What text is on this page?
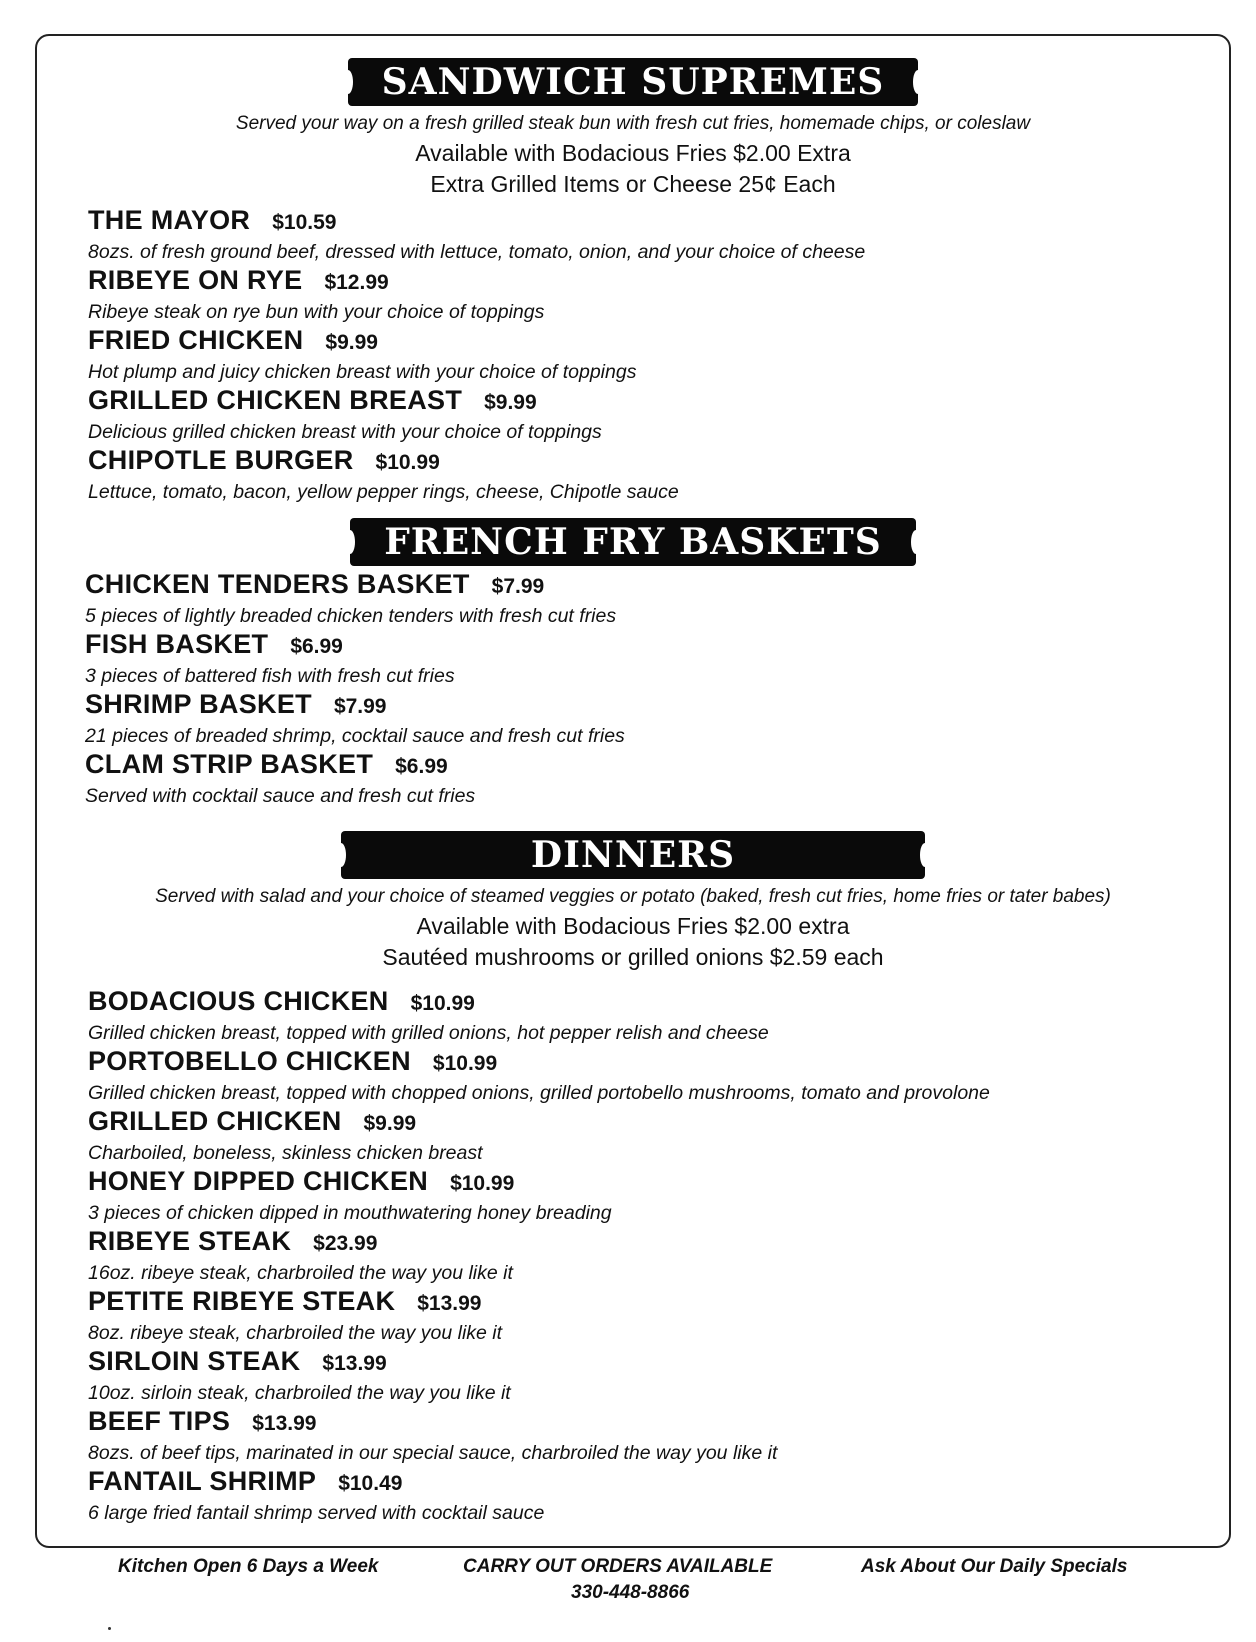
SANDWICH SUPREMES
Served your way on a fresh grilled steak bun with fresh cut fries, homemade chips, or coleslaw
Available with Bodacious Fries $2.00 Extra
Extra Grilled Items or Cheese 25¢ Each
THE MAYOR $10.59
8ozs. of fresh ground beef, dressed with lettuce, tomato, onion, and your choice of cheese
RIBEYE ON RYE $12.99
Ribeye steak on rye bun with your choice of toppings
FRIED CHICKEN $9.99
Hot plump and juicy chicken breast with your choice of toppings
GRILLED CHICKEN BREAST $9.99
Delicious grilled chicken breast with your choice of toppings
CHIPOTLE BURGER $10.99
Lettuce, tomato, bacon, yellow pepper rings, cheese, Chipotle sauce
FRENCH FRY BASKETS
CHICKEN TENDERS BASKET $7.99
5 pieces of lightly breaded chicken tenders with fresh cut fries
FISH BASKET $6.99
3 pieces of battered fish with fresh cut fries
SHRIMP BASKET $7.99
21 pieces of breaded shrimp, cocktail sauce and fresh cut fries
CLAM STRIP BASKET $6.99
Served with cocktail sauce and fresh cut fries
DINNERS
Served with salad and your choice of steamed veggies or potato (baked, fresh cut fries, home fries or tater babes)
Available with Bodacious Fries $2.00 extra
Sautéed mushrooms or grilled onions $2.59 each
BODACIOUS CHICKEN $10.99
Grilled chicken breast, topped with grilled onions, hot pepper relish and cheese
PORTOBELLO CHICKEN $10.99
Grilled chicken breast, topped with chopped onions, grilled portobello mushrooms, tomato and provolone
GRILLED CHICKEN $9.99
Charboiled, boneless, skinless chicken breast
HONEY DIPPED CHICKEN $10.99
3 pieces of chicken dipped in mouthwatering honey breading
RIBEYE STEAK $23.99
16oz. ribeye steak, charbroiled the way you like it
PETITE RIBEYE STEAK $13.99
8oz. ribeye steak, charbroiled the way you like it
SIRLOIN STEAK $13.99
10oz. sirloin steak, charbroiled the way you like it
BEEF TIPS $13.99
8ozs. of beef tips, marinated in our special sauce, charbroiled the way you like it
FANTAIL SHRIMP $10.49
6 large fried fantail shrimp served with cocktail sauce
Kitchen Open 6 Days a Week	CARRY OUT ORDERS AVAILABLE
330-448-8866
Ask About Our Daily Specials
